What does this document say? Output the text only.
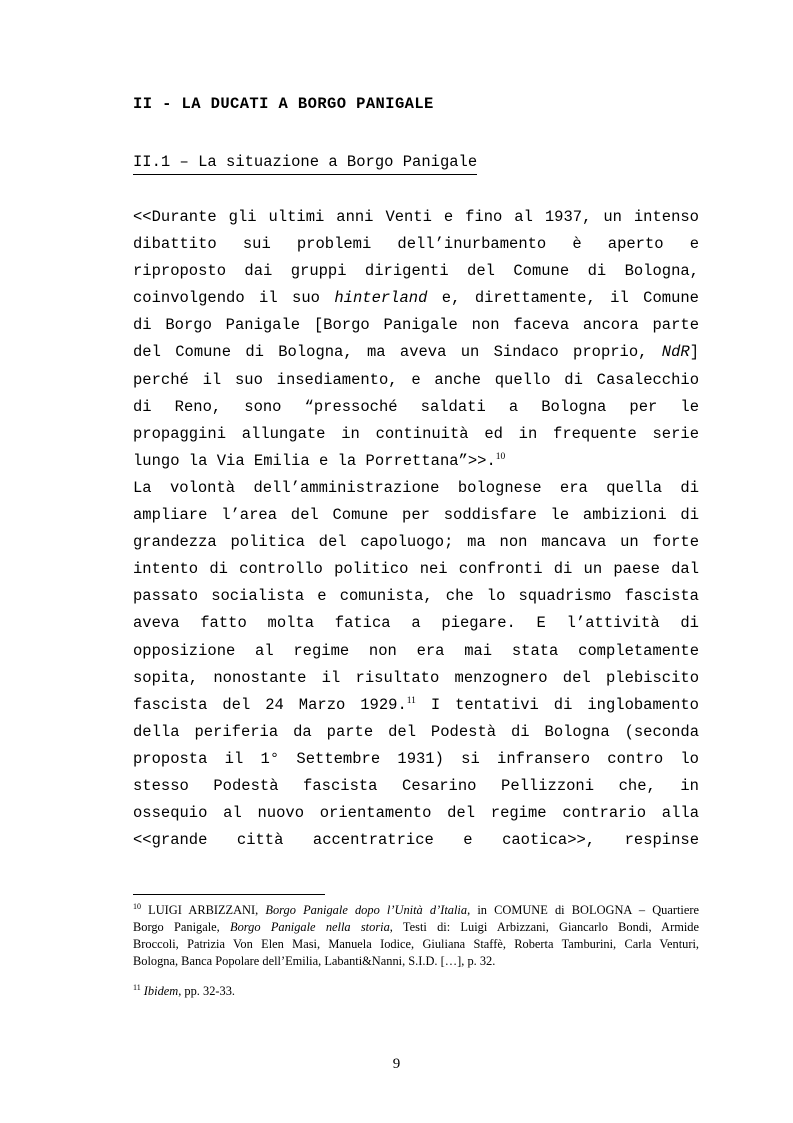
II - LA DUCATI A BORGO PANIGALE
II.1 – La situazione a Borgo Panigale
<<Durante gli ultimi anni Venti e fino al 1937, un intenso
dibattito sui problemi dell’inurbamento è aperto e
riproposto dai gruppi dirigenti del Comune di Bologna,
coinvolgendo il suo hinterland e, direttamente, il Comune
di Borgo Panigale [Borgo Panigale non faceva ancora parte
del Comune di Bologna, ma aveva un Sindaco proprio, NdR]
perché il suo insediamento, e anche quello di Casalecchio
di Reno, sono “pressoché saldati a Bologna per le
propaggini allungate in continuità ed in frequente serie
lungo la Via Emilia e la Porrettana”>>.$^{10}$
La volontà dell’amministrazione bolognese era quella di
ampliare l’area del Comune per soddisfare le ambizioni di
grandezza politica del capoluogo; ma non mancava un forte
intento di controllo politico nei confronti di un paese dal
passato socialista e comunista, che lo squadrismo fascista
aveva fatto molta fatica a piegare. E l’attività di
opposizione al regime non era mai stata completamente
sopita, nonostante il risultato menzognero del plebiscito
fascista del 24 Marzo 1929.11 I tentativi di inglobamento
della periferia da parte del Podestà di Bologna (seconda
proposta il 1° Settembre 1931) si infransero contro lo
stesso Podestà fascista Cesarino Pellizzoni che, in
ossequio al nuovo orientamento del regime contrario alla
<<grande città accentratrice e caotica>>, respinse
$^{10}$ LUIGI ARBIZZANI, Borgo Panigale dopo l’Unità d’Italia, in COMUNE di BOLOGNA – Quartiere
Borgo Panigale, Borgo Panigale nella storia, Testi di: Luigi Arbizzani, Giancarlo Bondi, Armide
Broccoli, Patrizia Von Elen Masi, Manuela Iodice, Giuliana Staffè, Roberta Tamburini, Carla Venturi,
Bologna, Banca Popolare dell’Emilia, Labanti&Nanni, S.I.D. […], p. 32.
$^{11}$ Ibidem, pp. 32-33.
9
